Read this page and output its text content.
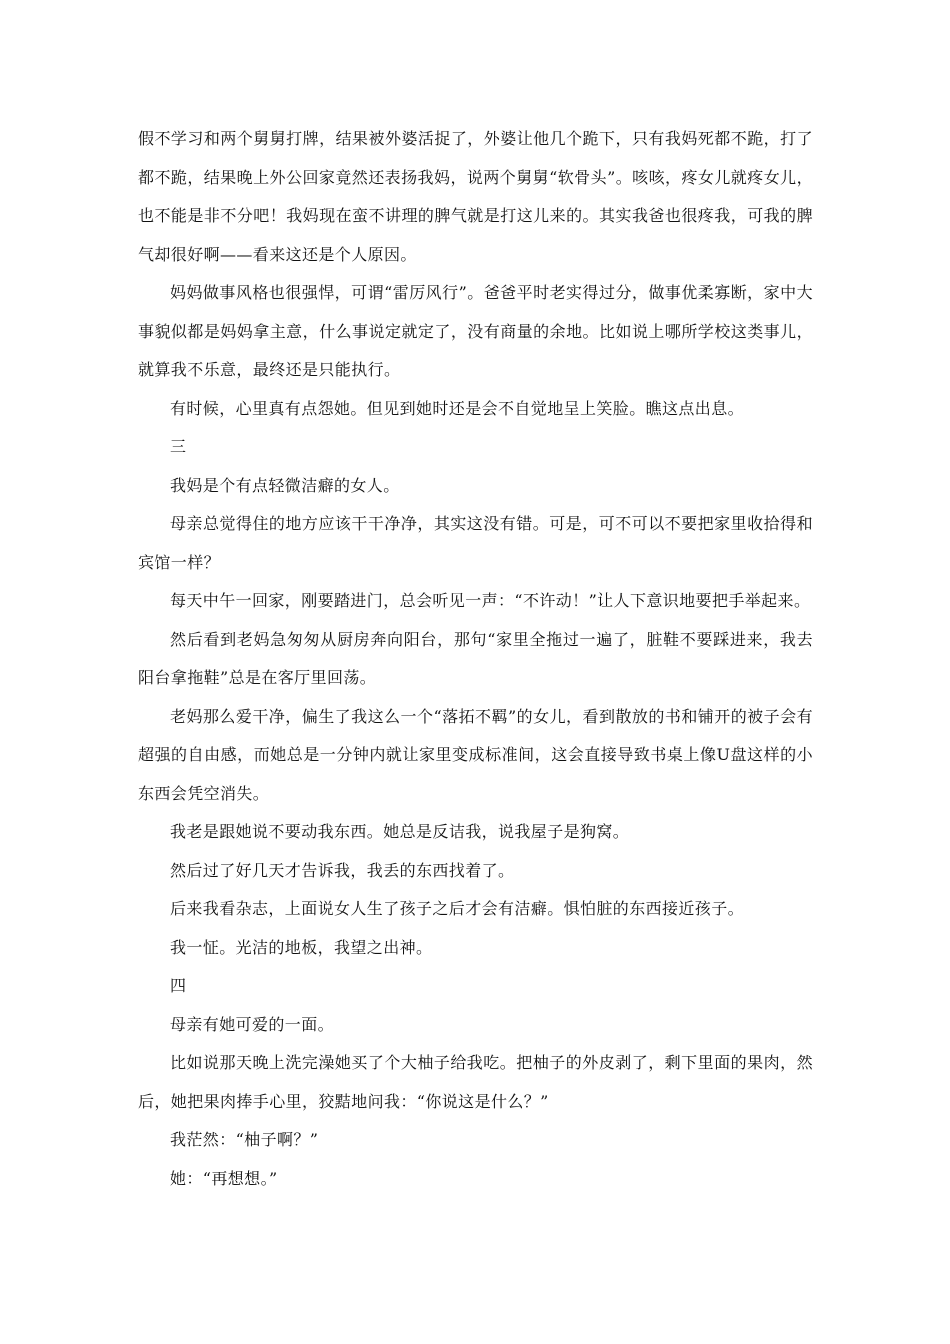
假不学习和两个舅舅打牌，结果被外婆活捉了，外婆让他几个跪下，只有我妈死都不跪，打了都不跪，结果晚上外公回家竟然还表扬我妈，说两个舅舅“软骨头”。咳咳，疼女儿就疼女儿，也不能是非不分吧！我妈现在蛮不讲理的脾气就是打这儿来的。其实我爸也很疼我，可我的脾气却很好啊——看来这还是个人原因。

妈妈做事风格也很强悍，可谓“雷厉风行”。爸爸平时老实得过分，做事优柔寡断，家中大事貌似都是妈妈拿主意，什么事说定就定了，没有商量的余地。比如说上哪所学校这类事儿，就算我不乐意，最终还是只能执行。

有时候，心里真有点怨她。但见到她时还是会不自觉地呈上笑脸。瞧这点出息。

三

我妈是个有点轻微洁癖的女人。

母亲总觉得住的地方应该干干净净，其实这没有错。可是，可不可以不要把家里收拾得和宾馆一样？

每天中午一回家，刚要踏进门，总会听见一声：“不许动！”让人下意识地要把手举起来。

然后看到老妈急匆匆从厨房奔向阳台，那句“家里全拖过一遍了，脏鞋不要踩进来，我去阳台拿拖鞋”总是在客厅里回荡。

老妈那么爱干净，偏生了我这么一个“落拓不羁”的女儿，看到散放的书和铺开的被子会有超强的自由感，而她总是一分钟内就让家里变成标准间，这会直接导致书桌上像U盘这样的小东西会凭空消失。

我老是跟她说不要动我东西。她总是反诘我，说我屋子是狗窝。

然后过了好几天才告诉我，我丢的东西找着了。

后来我看杂志，上面说女人生了孩子之后才会有洁癖。惧怕脏的东西接近孩子。

我一怔。光洁的地板，我望之出神。

四

母亲有她可爱的一面。

比如说那天晚上洗完澡她买了个大柚子给我吃。把柚子的外皮剥了，剩下里面的果肉，然后，她把果肉捧手心里，狡黠地问我：“你说这是什么？”

我茫然：“柚子啊？”

她：“再想想。”
